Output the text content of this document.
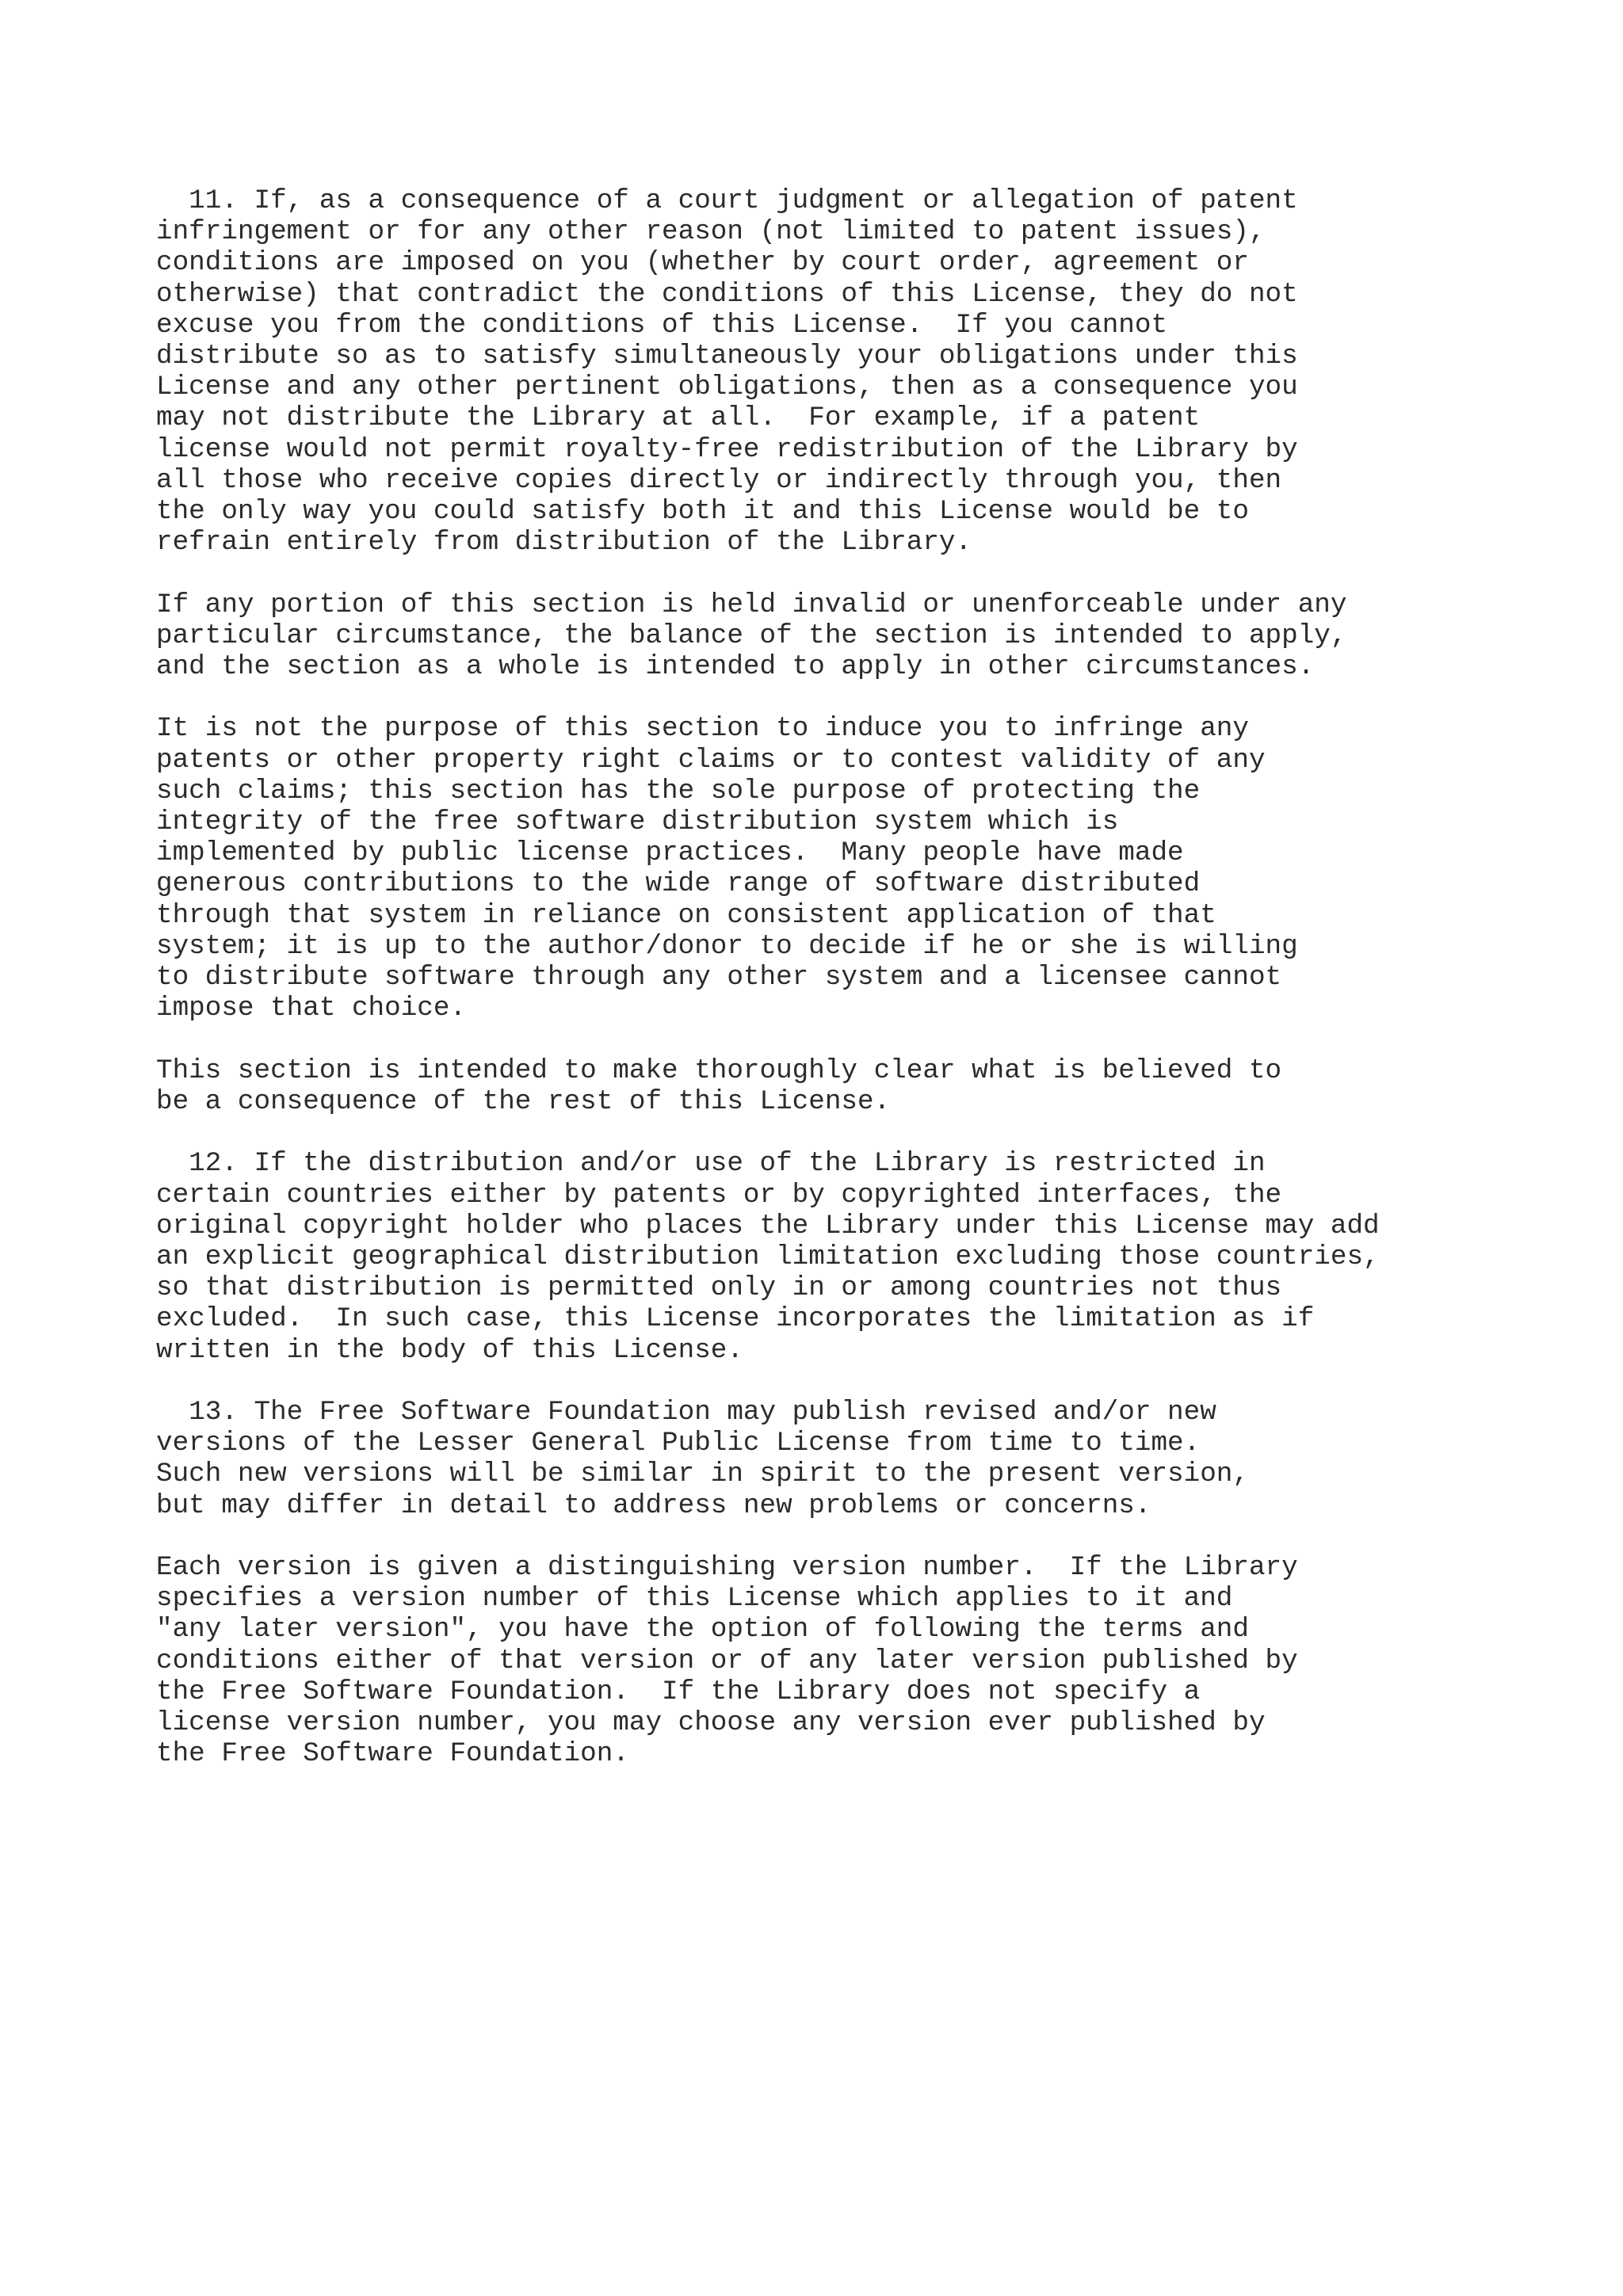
11. If, as a consequence of a court judgment or allegation of patent
infringement or for any other reason (not limited to patent issues),
conditions are imposed on you (whether by court order, agreement or
otherwise) that contradict the conditions of this License, they do not
excuse you from the conditions of this License.  If you cannot
distribute so as to satisfy simultaneously your obligations under this
License and any other pertinent obligations, then as a consequence you
may not distribute the Library at all.  For example, if a patent
license would not permit royalty-free redistribution of the Library by
all those who receive copies directly or indirectly through you, then
the only way you could satisfy both it and this License would be to
refrain entirely from distribution of the Library.

If any portion of this section is held invalid or unenforceable under any
particular circumstance, the balance of the section is intended to apply,
and the section as a whole is intended to apply in other circumstances.

It is not the purpose of this section to induce you to infringe any
patents or other property right claims or to contest validity of any
such claims; this section has the sole purpose of protecting the
integrity of the free software distribution system which is
implemented by public license practices.  Many people have made
generous contributions to the wide range of software distributed
through that system in reliance on consistent application of that
system; it is up to the author/donor to decide if he or she is willing
to distribute software through any other system and a licensee cannot
impose that choice.

This section is intended to make thoroughly clear what is believed to
be a consequence of the rest of this License.

12. If the distribution and/or use of the Library is restricted in
certain countries either by patents or by copyrighted interfaces, the
original copyright holder who places the Library under this License may add
an explicit geographical distribution limitation excluding those countries,
so that distribution is permitted only in or among countries not thus
excluded.  In such case, this License incorporates the limitation as if
written in the body of this License.

13. The Free Software Foundation may publish revised and/or new
versions of the Lesser General Public License from time to time.
Such new versions will be similar in spirit to the present version,
but may differ in detail to address new problems or concerns.

Each version is given a distinguishing version number.  If the Library
specifies a version number of this License which applies to it and
"any later version", you have the option of following the terms and
conditions either of that version or of any later version published by
the Free Software Foundation.  If the Library does not specify a
license version number, you may choose any version ever published by
the Free Software Foundation.
